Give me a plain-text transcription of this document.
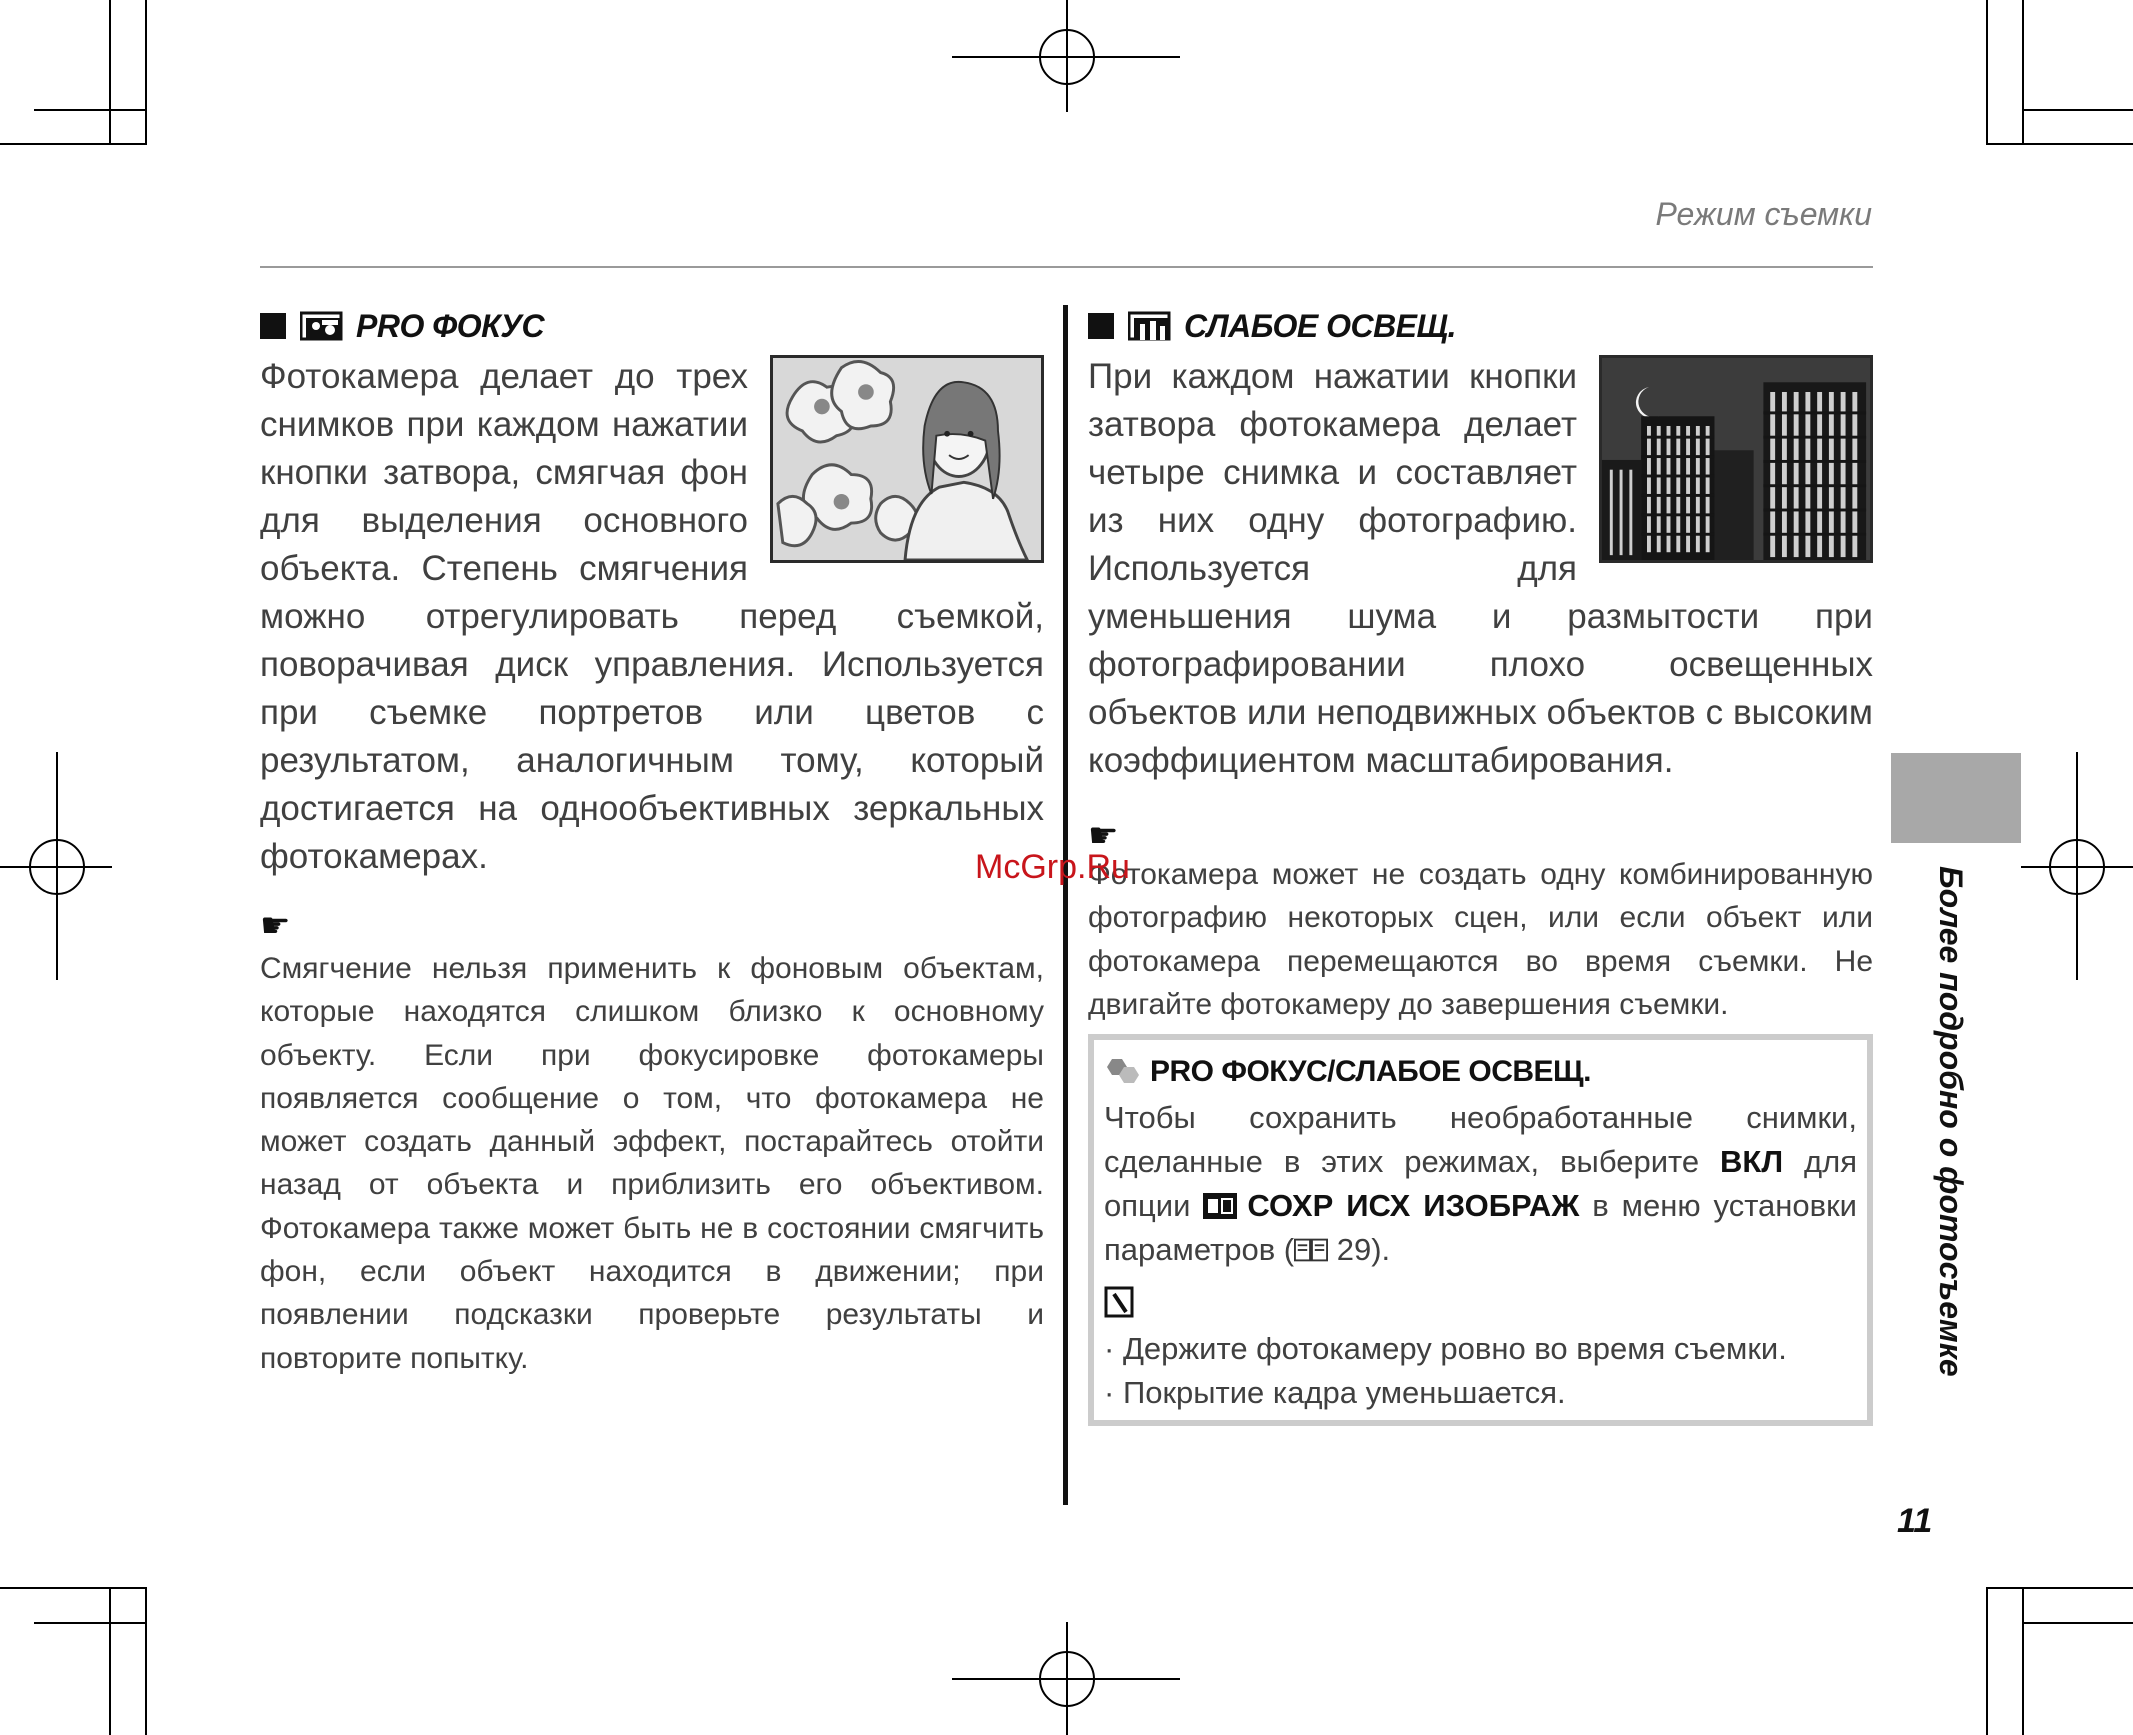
Режим съемки
PRO ФОКУС
Фотокамера делает до трех снимков при каждом нажатии кнопки затвора, смягчая фон для выделения основного объекта. Степень смягчения можно отрегулировать перед съемкой, поворачивая диск управления. Используется при съемке портретов или цветов с результатом, аналогичным тому, который достигается на однообъективных зеркальных фотокамерах.
☛
Смягчение нельзя применить к фоновым объектам, которые находятся слишком близко к основному объекту. Если при фокусировке фотокамеры появляется сообщение о том, что фотокамера не может создать данный эффект, постарайтесь отойти назад от объекта и приблизить его объективом. Фотокамера также может быть не в состоянии смягчить фон, если объект находится в движении; при появлении подсказки проверьте результаты и повторите попытку.
СЛАБОЕ ОСВЕЩ.
При каждом нажатии кнопки затвора фотокамера делает четыре снимка и составляет из них одну фотографию. Используется для уменьшения шума и размытости при фотографировании плохо освещенных объектов или неподвижных объектов с высоким коэффициентом масштабирования.
☛
Фотокамера может не создать одну комбинированную фотографию некоторых сцен, или если объект или фотокамера перемещаются во время съемки. Не двигайте фотокамеру до завершения съемки.
PRO ФОКУС/СЛАБОЕ ОСВЕЩ.
Чтобы сохранить необработанные снимки, сделанные в этих режимах, выберите ВКЛ для опции СОХР ИСХ ИЗОБРАЖ в меню установки параметров ( 29).
· Держите фотокамеру ровно во время съемки.
· Покрытие кадра уменьшается.
Более подробно о фотосъемке
11
McGrp.Ru
